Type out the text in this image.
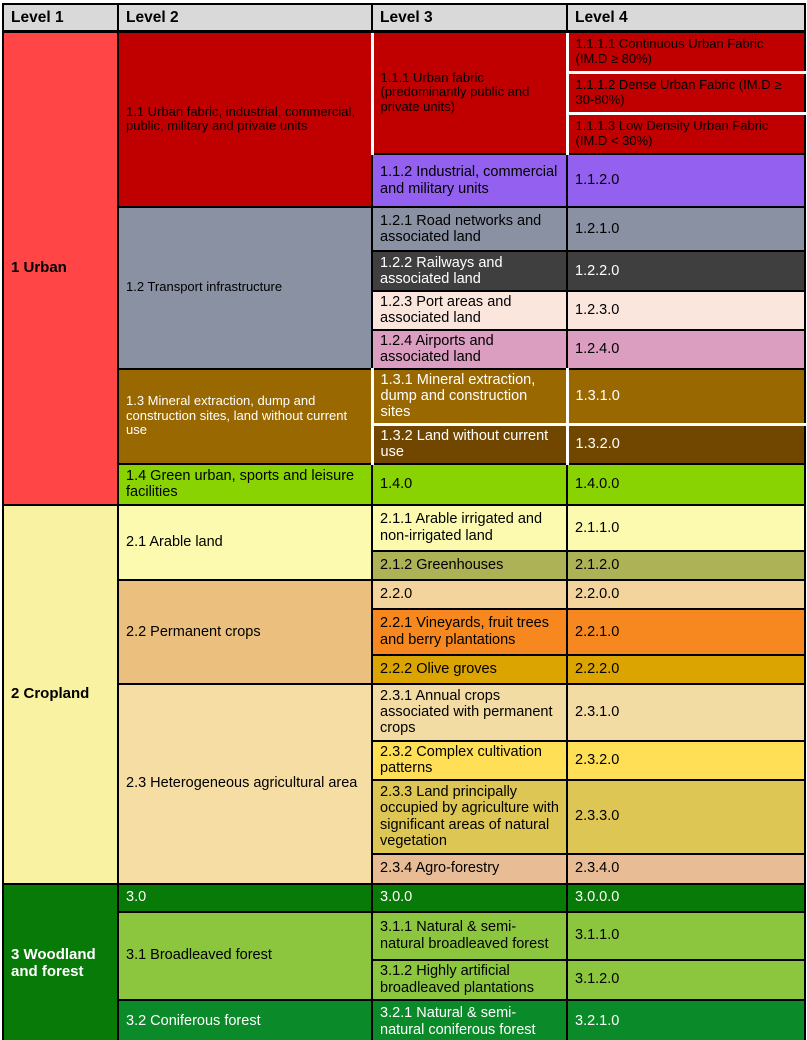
Level 1	Level 2	Level 3	Level 4
1 Urban	1.1 Urban fabric, industrial, commercial, public, military and private units	1.1.1 Urban fabric (predominantly public and private units)	1.1.1.1 Continuous Urban Fabric (IM.D ≥ 80%)
			1.1.1.2 Dense Urban Fabric (IM.D ≥ 30-80%)
			1.1.1.3 Low Density Urban Fabric (IM.D < 30%)
		1.1.2 Industrial, commercial and military units	1.1.2.0
	1.2 Transport infrastructure	1.2.1 Road networks and associated land	1.2.1.0
		1.2.2 Railways and associated land	1.2.2.0
		1.2.3 Port areas and associated land	1.2.3.0
		1.2.4 Airports and associated land	1.2.4.0
	1.3 Mineral extraction, dump and construction sites, land without current use	1.3.1 Mineral extraction, dump and construction sites	1.3.1.0
		1.3.2 Land without current use	1.3.2.0
	1.4 Green urban, sports and leisure facilities	1.4.0	1.4.0.0
2 Cropland	2.1 Arable land	2.1.1 Arable irrigated and non-irrigated land	2.1.1.0
		2.1.2 Greenhouses	2.1.2.0
	2.2 Permanent crops	2.2.0	2.2.0.0
		2.2.1 Vineyards, fruit trees and berry plantations	2.2.1.0
		2.2.2 Olive groves	2.2.2.0
	2.3 Heterogeneous agricultural area	2.3.1 Annual crops associated with permanent crops	2.3.1.0
		2.3.2 Complex cultivation patterns	2.3.2.0
		2.3.3 Land principally occupied by agriculture with significant areas of natural vegetation	2.3.3.0
		2.3.4 Agro-forestry	2.3.4.0
3 Woodland and forest	3.0	3.0.0	3.0.0.0
	3.1 Broadleaved forest	3.1.1 Natural & semi-natural broadleaved forest	3.1.1.0
		3.1.2 Highly artificial broadleaved plantations	3.1.2.0
	3.2 Coniferous forest	3.2.1 Natural & semi-natural coniferous forest	3.2.1.0
